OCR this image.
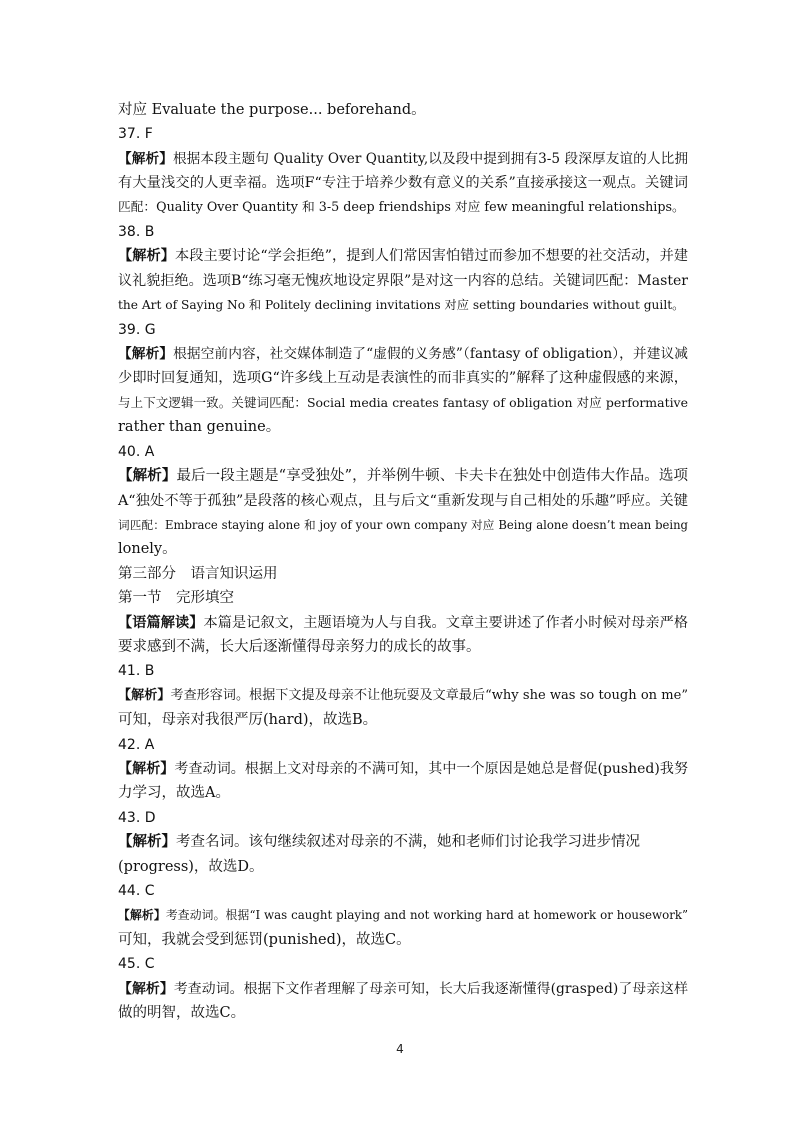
对应 Evaluate the purpose... beforehand。
37. F
【解析】根据本段主题句 Quality Over Quantity,以及段中提到拥有3-5 段深厚友谊的人比拥
有大量浅交的人更幸福。选项F“专注于培养少数有意义的关系”直接承接这一观点。关键词
匹配：Quality Over Quantity 和 3-5 deep friendships 对应 few meaningful relationships。
38. B
【解析】本段主要讨论“学会拒绝”，提到人们常因害怕错过而参加不想要的社交活动，并建
议礼貌拒绝。选项B“练习毫无愧疚地设定界限”是对这一内容的总结。关键词匹配：Master
the Art of Saying No 和 Politely declining invitations 对应 setting boundaries without guilt。
39. G
【解析】根据空前内容，社交媒体制造了“虚假的义务感”（fantasy of obligation），并建议减
少即时回复通知，选项G“许多线上互动是表演性的而非真实的”解释了这种虚假感的来源，
与上下文逻辑一致。关键词匹配：Social media creates fantasy of obligation 对应 performative
rather than genuine。
40. A
【解析】最后一段主题是“享受独处”，并举例牛顿、卡夫卡在独处中创造伟大作品。选项
A“独处不等于孤独”是段落的核心观点，且与后文“重新发现与自己相处的乐趣”呼应。关键
词匹配：Embrace staying alone 和 joy of your own company 对应 Being alone doesn’t mean being
lonely。
第三部分　语言知识运用
第一节　完形填空
【语篇解读】本篇是记叙文，主题语境为人与自我。文章主要讲述了作者小时候对母亲严格
要求感到不满，长大后逐渐懂得母亲努力的成长的故事。
41. B
【解析】考查形容词。根据下文提及母亲不让他玩耍及文章最后“why she was so tough on me”
可知，母亲对我很严厉(hard)，故选B。
42. A
【解析】考查动词。根据上文对母亲的不满可知，其中一个原因是她总是督促(pushed)我努
力学习，故选A。
43. D
【解析】考查名词。该句继续叙述对母亲的不满，她和老师们讨论我学习进步情况
(progress)，故选D。
44. C
【解析】考查动词。根据“I was caught playing and not working hard at homework or housework”
可知，我就会受到惩罚(punished)，故选C。
45. C
【解析】考查动词。根据下文作者理解了母亲可知，长大后我逐渐懂得(grasped)了母亲这样
做的明智，故选C。
4
